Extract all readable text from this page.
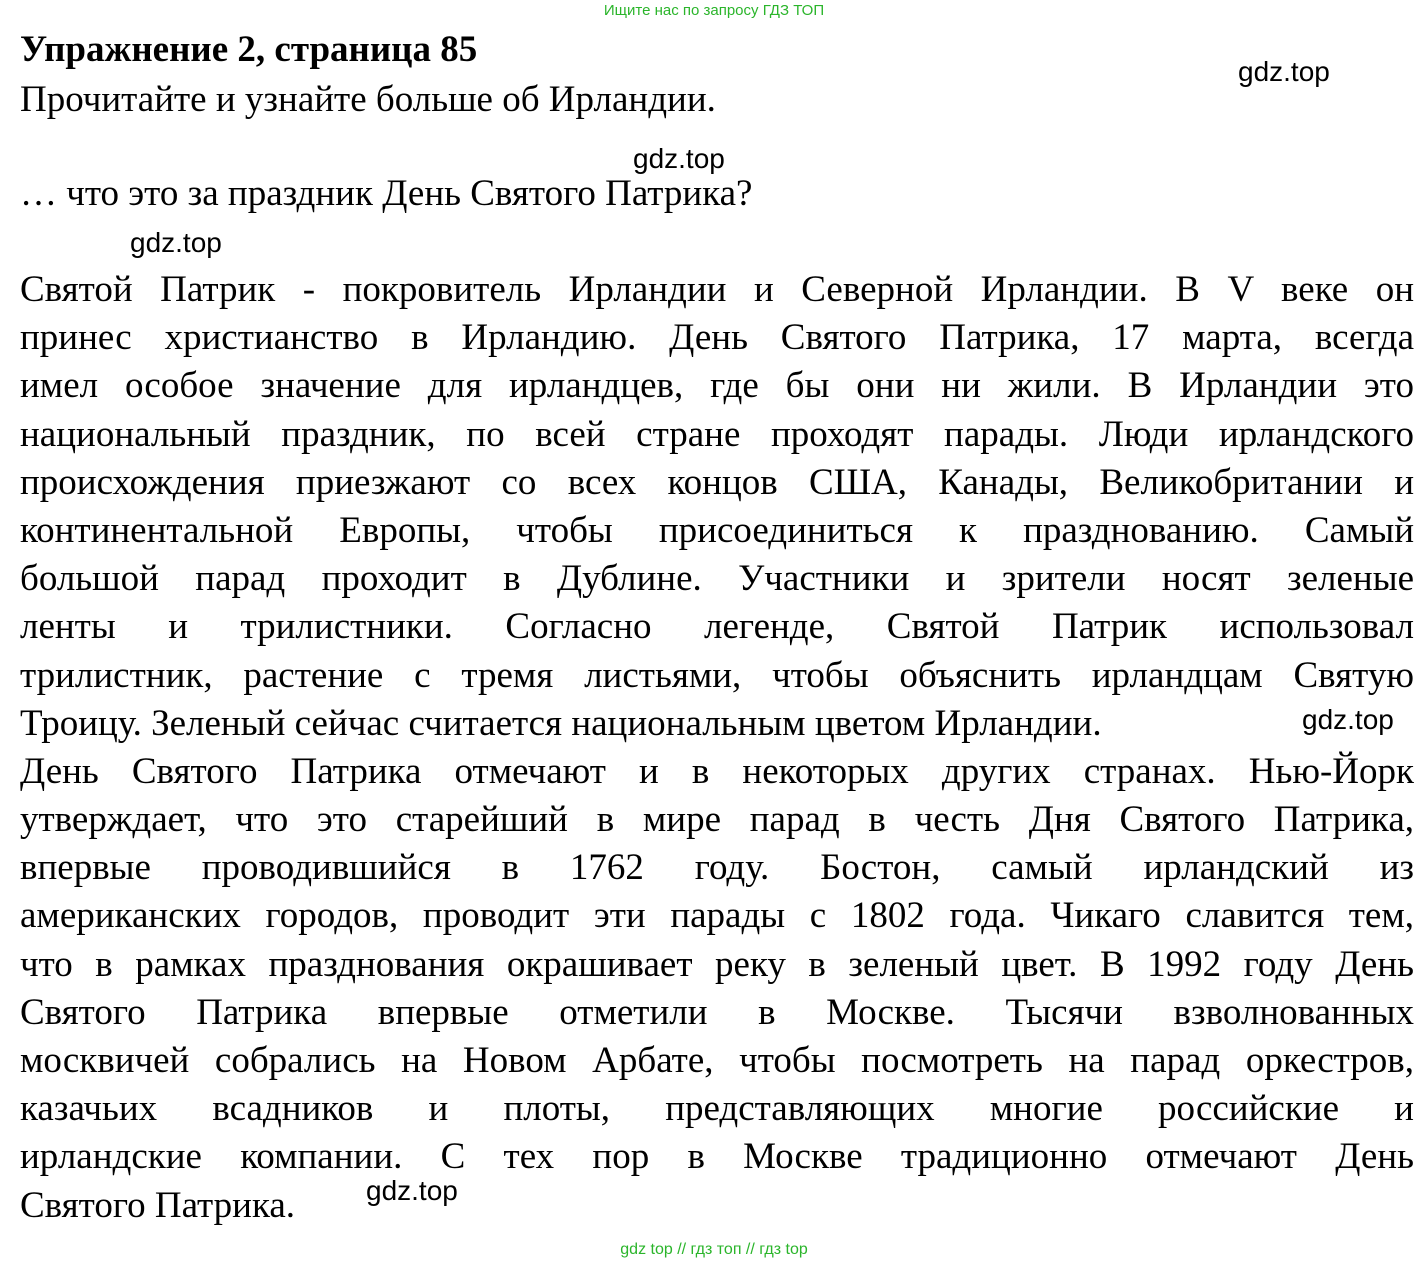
Ищите нас по запросу ГДЗ ТОП
Упражнение 2, страница 85
Прочитайте и узнайте больше об Ирландии.
gdz.top
gdz.top
… что это за праздник День Святого Патрика?
gdz.top
Святой Патрик - покровитель Ирландии и Северной Ирландии. В V веке он
принес христианство в Ирландию. День Святого Патрика, 17 марта, всегда
имел особое значение для ирландцев, где бы они ни жили. В Ирландии это
национальный праздник, по всей стране проходят парады. Люди ирландского
происхождения приезжают со всех концов США, Канады, Великобритании и
континентальной Европы, чтобы присоединиться к празднованию. Самый
большой парад проходит в Дублине. Участники и зрители носят зеленые
ленты и трилистники. Согласно легенде, Святой Патрик использовал
трилистник, растение с тремя листьями, чтобы объяснить ирландцам Святую
Троицу. Зеленый сейчас считается национальным цветом Ирландии.
День Святого Патрика отмечают и в некоторых других странах. Нью-Йорк
утверждает, что это старейший в мире парад в честь Дня Святого Патрика,
впервые проводившийся в 1762 году. Бостон, самый ирландский из
американских городов, проводит эти парады с 1802 года. Чикаго славится тем,
что в рамках празднования окрашивает реку в зеленый цвет. В 1992 году День
Святого Патрика впервые отметили в Москве. Тысячи взволнованных
москвичей собрались на Новом Арбате, чтобы посмотреть на парад оркестров,
казачьих всадников и плоты, представляющих многие российские и
ирландские компании. С тех пор в Москве традиционно отмечают День
Святого Патрика.
gdz.top
gdz.top
gdz top // гдз топ // гдз top
